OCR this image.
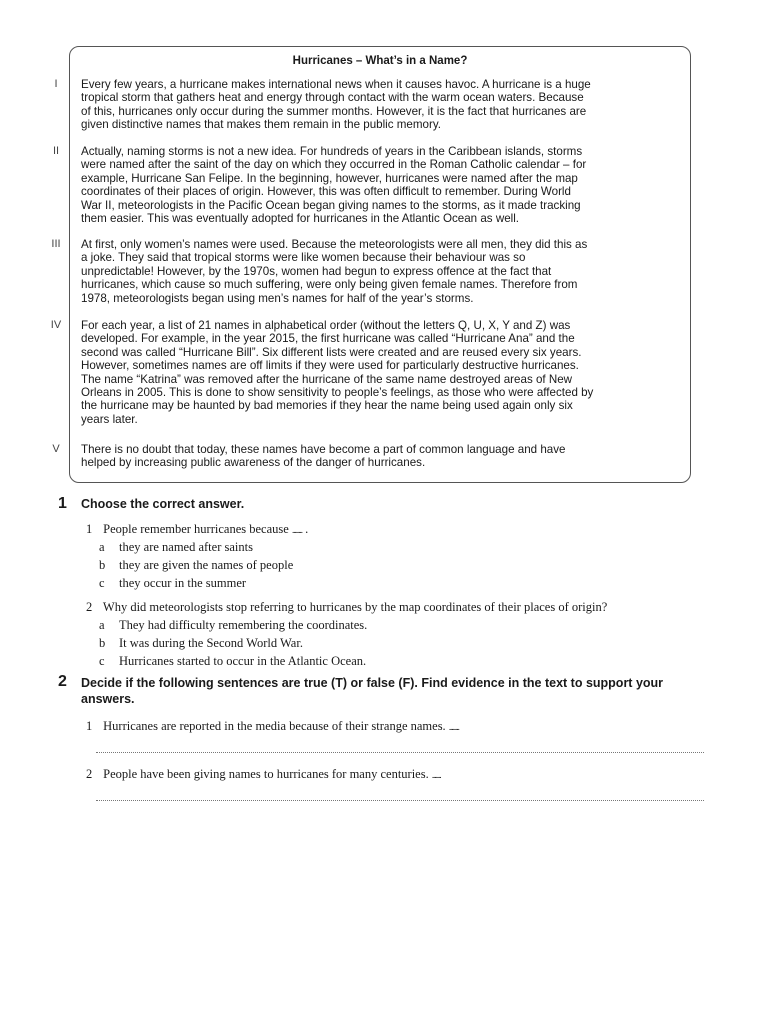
Hurricanes – What’s in a Name?
I	Every few years, a hurricane makes international news when it causes havoc. A hurricane is a huge
tropical storm that gathers heat and energy through contact with the warm ocean waters. Because
of this, hurricanes only occur during the summer months. However, it is the fact that hurricanes are
given distinctive names that makes them remain in the public memory.
II	Actually, naming storms is not a new idea. For hundreds of years in the Caribbean islands, storms
were named after the saint of the day on which they occurred in the Roman Catholic calendar – for
example, Hurricane San Felipe. In the beginning, however, hurricanes were named after the map
coordinates of their places of origin. However, this was often difficult to remember. During World
War II, meteorologists in the Pacific Ocean began giving names to the storms, as it made tracking
them easier. This was eventually adopted for hurricanes in the Atlantic Ocean as well.
III	At first, only women’s names were used. Because the meteorologists were all men, they did this as
a joke. They said that tropical storms were like women because their behaviour was so
unpredictable! However, by the 1970s, women had begun to express offence at the fact that
hurricanes, which cause so much suffering, were only being given female names. Therefore from
1978, meteorologists began using men’s names for half of the year’s storms.
IV	For each year, a list of 21 names in alphabetical order (without the letters Q, U, X, Y and Z) was
developed. For example, in the year 2015, the first hurricane was called “Hurricane Ana” and the
second was called “Hurricane Bill”. Six different lists were created and are reused every six years.
However, sometimes names are off limits if they were used for particularly destructive hurricanes.
The name “Katrina” was removed after the hurricane of the same name destroyed areas of New
Orleans in 2005. This is done to show sensitivity to people’s feelings, as those who were affected by
the hurricane may be haunted by bad memories if they hear the name being used again only six
years later.
V	There is no doubt that today, these names have become a part of common language and have
helped by increasing public awareness of the danger of hurricanes.
1 Choose the correct answer.
1 People remember hurricanes because ........ .
a they are named after saints
b they are given the names of people
c they occur in the summer
2 Why did meteorologists stop referring to hurricanes by the map coordinates of their places of origin?
a They had difficulty remembering the coordinates.
b It was during the Second World War.
c Hurricanes started to occur in the Atlantic Ocean.
2 Decide if the following sentences are true (T) or false (F). Find evidence in the text to support your answers.
1 Hurricanes are reported in the media because of their strange names. ........
2 People have been giving names to hurricanes for many centuries. .......
